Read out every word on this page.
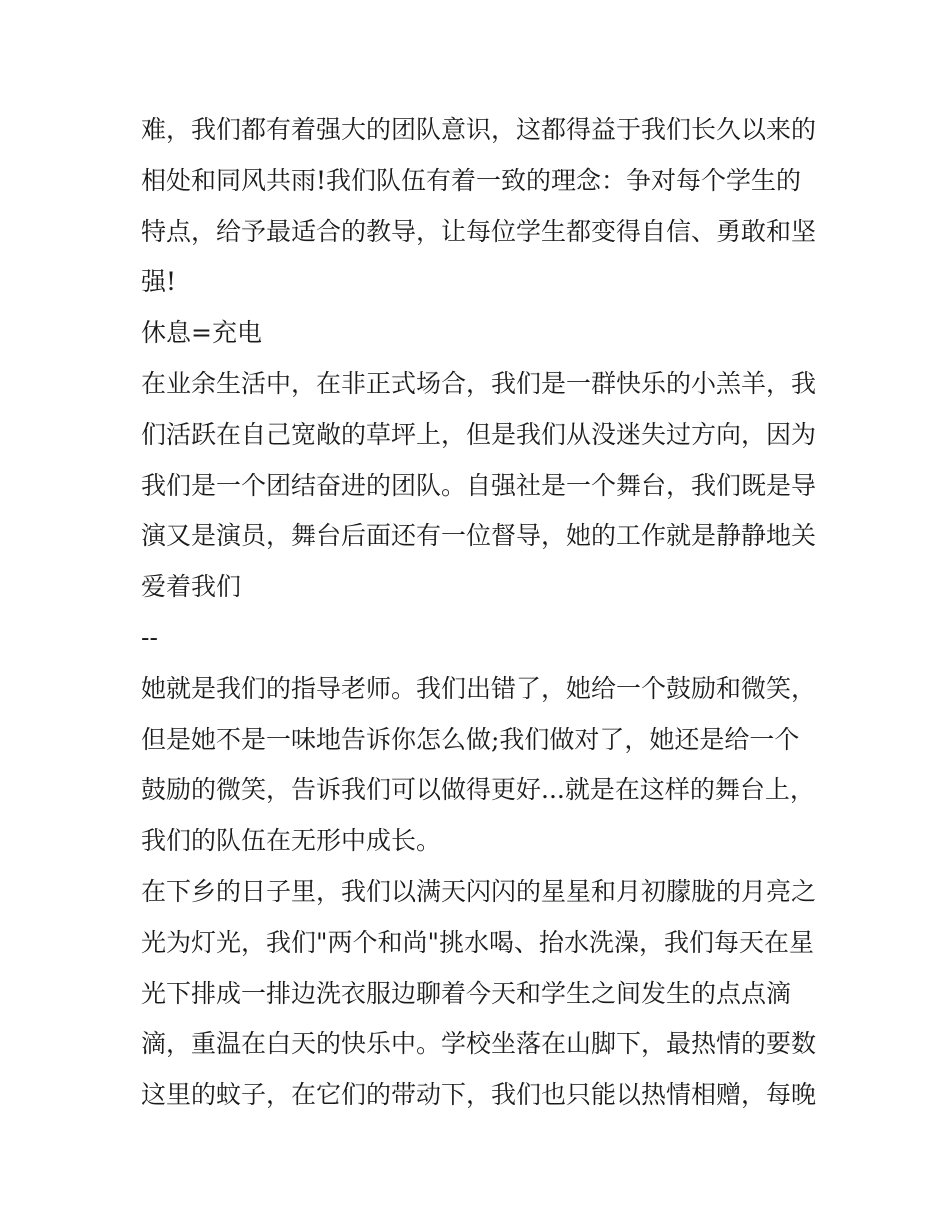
难，我们都有着强大的团队意识，这都得益于我们长久以来的
相处和同风共雨!我们队伍有着一致的理念：争对每个学生的
特点，给予最适合的教导，让每位学生都变得自信、勇敢和坚
强!

休息=充电

在业余生活中，在非正式场合，我们是一群快乐的小羔羊，我
们活跃在自己宽敞的草坪上，但是我们从没迷失过方向，因为
我们是一个团结奋进的团队。自强社是一个舞台，我们既是导
演又是演员，舞台后面还有一位督导，她的工作就是静静地关
爱着我们

--

她就是我们的指导老师。我们出错了，她给一个鼓励和微笑，
但是她不是一味地告诉你怎么做;我们做对了，她还是给一个
鼓励的微笑，告诉我们可以做得更好...就是在这样的舞台上，
我们的队伍在无形中成长。

在下乡的日子里，我们以满天闪闪的星星和月初朦胧的月亮之
光为灯光，我们"两个和尚"挑水喝、抬水洗澡，我们每天在星
光下排成一排边洗衣服边聊着今天和学生之间发生的点点滴
滴，重温在白天的快乐中。学校坐落在山脚下，最热情的要数
这里的蚊子，在它们的带动下，我们也只能以热情相赠，每晚
